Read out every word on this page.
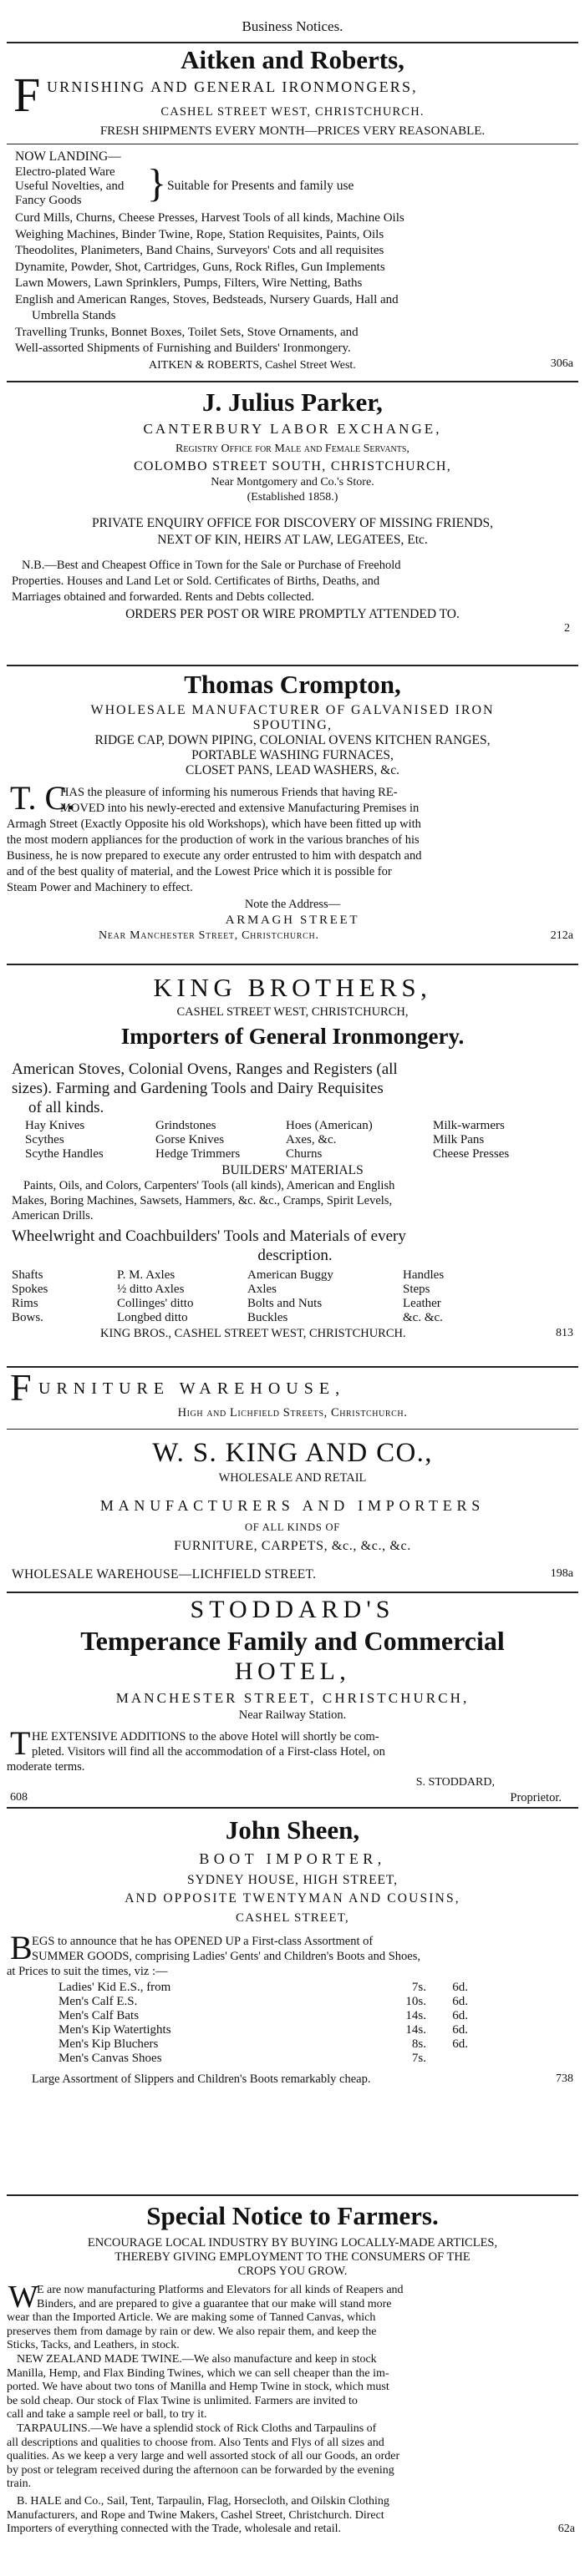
Business Notices.
Aitken and Roberts,
F URNISHING AND GENERAL IRONMONGERS,
CASHEL STREET WEST, CHRISTCHURCH.
FRESH SHIPMENTS EVERY MONTH—PRICES VERY REASONABLE.
NOW LANDING—
Electro-plated Ware
Useful Novelties, and
Fancy Goods	} Suitable for Presents and family use
Curd Mills, Churns, Cheese Presses, Harvest Tools of all kinds, Machine Oils
Weighing Machines, Binder Twine, Rope, Station Requisites, Paints, Oils
Theodolites, Planimeters, Band Chains, Surveyors' Cots and all requisites
Dynamite, Powder, Shot, Cartridges, Guns, Rock Rifles, Gun Implements
Lawn Mowers, Lawn Sprinklers, Pumps, Filters, Wire Netting, Baths
English and American Ranges, Stoves, Bedsteads, Nursery Guards, Hall and
Umbrella Stands
Travelling Trunks, Bonnet Boxes, Toilet Sets, Stove Ornaments, and
Well-assorted Shipments of Furnishing and Builders' Ironmongery.
AITKEN & ROBERTS, Cashel Street West.	306a
J. Julius Parker,
CANTERBURY LABOR EXCHANGE,
Registry Office for Male and Female Servants,
COLOMBO STREET SOUTH, CHRISTCHURCH,
Near Montgomery and Co.'s Store.
(Established 1858.)
PRIVATE ENQUIRY OFFICE FOR DISCOVERY OF MISSING FRIENDS,
NEXT OF KIN, HEIRS AT LAW, LEGATEES, Etc.
N.B.—Best and Cheapest Office in Town for the Sale or Purchase of Freehold
Properties. Houses and Land Let or Sold. Certificates of Births, Deaths, and
Marriages obtained and forwarded. Rents and Debts collected.
ORDERS PER POST OR WIRE PROMPTLY ATTENDED TO.
2
Thomas Crompton,
WHOLESALE MANUFACTURER OF GALVANISED IRON
SPOUTING,
RIDGE CAP, DOWN PIPING, COLONIAL OVENS KITCHEN RANGES,
PORTABLE WASHING FURNACES,
CLOSET PANS, LEAD WASHERS, &c.
T. C.
HAS the pleasure of informing his numerous Friends that having RE-
MOVED into his newly-erected and extensive Manufacturing Premises in
Armagh Street (Exactly Opposite his old Workshops), which have been fitted up with
the most modern appliances for the production of work in the various branches of his
Business, he is now prepared to execute any order entrusted to him with despatch and
and of the best quality of material, and the Lowest Price which it is possible for
Steam Power and Machinery to effect.
Note the Address—
ARMAGH STREET
Near Manchester Street, Christchurch.	212a
KING BROTHERS,
CASHEL STREET WEST, CHRISTCHURCH,
Importers of General Ironmongery.
American Stoves, Colonial Ovens, Ranges and Registers (all
sizes). Farming and Gardening Tools and Dairy Requisites
of all kinds.
Hay Knives	Grindstones	Hoes (American)	Milk-warmers
Scythes	Gorse Knives	Axes, &c.	Milk Pans
Scythe Handles	Hedge Trimmers	Churns	Cheese Presses
BUILDERS' MATERIALS
Paints, Oils, and Colors, Carpenters' Tools (all kinds), American and English
Makes, Boring Machines, Sawsets, Hammers, &c. &c., Cramps, Spirit Levels,
American Drills.
Wheelwright and Coachbuilders' Tools and Materials of every
description.
Shafts	P. M. Axles	American Buggy	Handles
Spokes	½ ditto Axles	Axles	Steps
Rims	Collinges' ditto	Bolts and Nuts	Leather
Bows.	Longbed ditto	Buckles	&c. &c.
KING BROS., CASHEL STREET WEST, CHRISTCHURCH.	813
F URNITURE WAREHOUSE,
High and Lichfield Streets, Christchurch.
W. S. KING AND CO.,
WHOLESALE AND RETAIL
MANUFACTURERS AND IMPORTERS
OF ALL KINDS OF
FURNITURE, CARPETS, &c., &c., &c.
WHOLESALE WAREHOUSE—LICHFIELD STREET.	198a
STODDARD'S
Temperance Family and Commercial
HOTEL,
MANCHESTER STREET, CHRISTCHURCH,
Near Railway Station.
T HE EXTENSIVE ADDITIONS to the above Hotel will shortly be com-
pleted. Visitors will find all the accommodation of a First-class Hotel, on
moderate terms.
S. STODDARD,
608	Proprietor.
John Sheen,
BOOT IMPORTER,
SYDNEY HOUSE, HIGH STREET,
AND OPPOSITE TWENTYMAN AND COUSINS,
CASHEL STREET,
B EGS to announce that he has OPENED UP a First-class Assortment of
SUMMER GOODS, comprising Ladies' Gents' and Children's Boots and Shoes,
at Prices to suit the times, viz :—
Ladies' Kid E.S., from	7s.	6d.
Men's Calf E.S.	10s.	6d.
Men's Calf Bats	14s.	6d.
Men's Kip Watertights	14s.	6d.
Men's Kip Bluchers	8s.	6d.
Men's Canvas Shoes	7s.	
Large Assortment of Slippers and Children's Boots remarkably cheap.	738
Special Notice to Farmers.
ENCOURAGE LOCAL INDUSTRY BY BUYING LOCALLY-MADE ARTICLES,
THEREBY GIVING EMPLOYMENT TO THE CONSUMERS OF THE
CROPS YOU GROW.
W
E are now manufacturing Platforms and Elevators for all kinds of Reapers and
Binders, and are prepared to give a guarantee that our make will stand more
wear than the Imported Article. We are making some of Tanned Canvas, which
preserves them from damage by rain or dew. We also repair them, and keep the
Sticks, Tacks, and Leathers, in stock.
NEW ZEALAND MADE TWINE.—We also manufacture and keep in stock
Manilla, Hemp, and Flax Binding Twines, which we can sell cheaper than the im-
ported. We have about two tons of Manilla and Hemp Twine in stock, which must
be sold cheap. Our stock of Flax Twine is unlimited. Farmers are invited to
call and take a sample reel or ball, to try it.
TARPAULINS.—We have a splendid stock of Rick Cloths and Tarpaulins of
all descriptions and qualities to choose from. Also Tents and Flys of all sizes and
qualities. As we keep a very large and well assorted stock of all our Goods, an order
by post or telegram received during the afternoon can be forwarded by the evening
train.
B. HALE and Co., Sail, Tent, Tarpaulin, Flag, Horsecloth, and Oilskin Clothing
Manufacturers, and Rope and Twine Makers, Cashel Street, Christchurch. Direct
Importers of everything connected with the Trade, wholesale and retail.	62a
